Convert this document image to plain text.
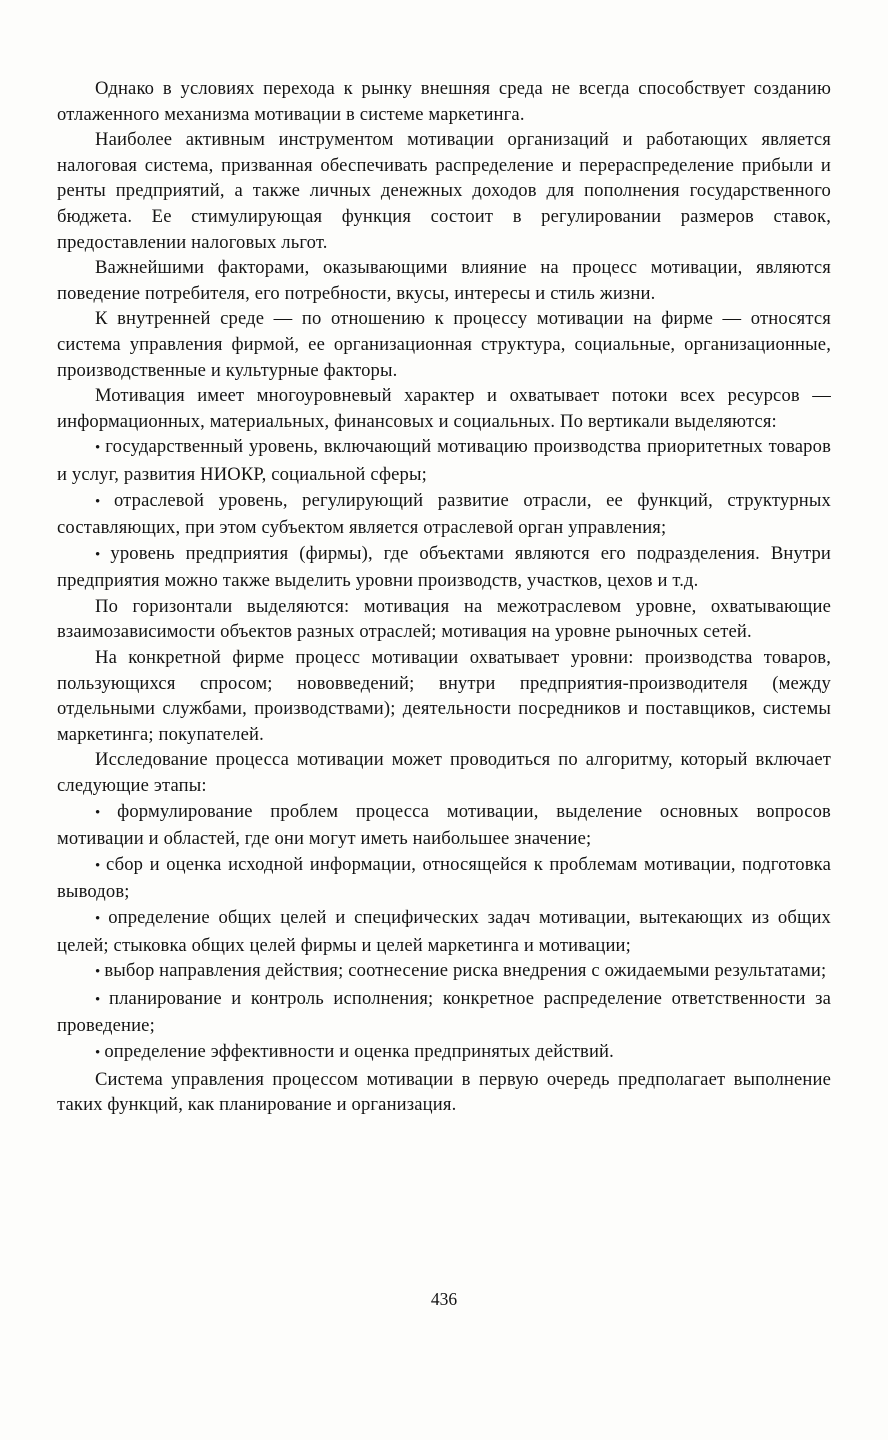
Однако в условиях перехода к рынку внешняя среда не всегда способствует созданию отлаженного механизма мотивации в системе маркетинга.

Наиболее активным инструментом мотивации организаций и работающих является налоговая система, призванная обеспечивать распределение и перераспределение прибыли и ренты предприятий, а также личных денежных доходов для пополнения государственного бюджета. Ее стимулирующая функция состоит в регулировании размеров ставок, предоставлении налоговых льгот.

Важнейшими факторами, оказывающими влияние на процесс мотивации, являются поведение потребителя, его потребности, вкусы, интересы и стиль жизни.

К внутренней среде — по отношению к процессу мотивации на фирме — относятся система управления фирмой, ее организационная структура, социальные, организационные, производственные и культурные факторы.

Мотивация имеет многоуровневый характер и охватывает потоки всех ресурсов — информационных, материальных, финансовых и социальных. По вертикали выделяются:

• государственный уровень, включающий мотивацию производства приоритетных товаров и услуг, развития НИОКР, социальной сферы;

• отраслевой уровень, регулирующий развитие отрасли, ее функций, структурных составляющих, при этом субъектом является отраслевой орган управления;

• уровень предприятия (фирмы), где объектами являются его подразделения. Внутри предприятия можно также выделить уровни производств, участков, цехов и т.д.

По горизонтали выделяются: мотивация на межотраслевом уровне, охватывающие взаимозависимости объектов разных отраслей; мотивация на уровне рыночных сетей.

На конкретной фирме процесс мотивации охватывает уровни: производства товаров, пользующихся спросом; нововведений; внутри предприятия-производителя (между отдельными службами, производствами); деятельности посредников и поставщиков, системы маркетинга; покупателей.

Исследование процесса мотивации может проводиться по алгоритму, который включает следующие этапы:

• формулирование проблем процесса мотивации, выделение основных вопросов мотивации и областей, где они могут иметь наибольшее значение;

• сбор и оценка исходной информации, относящейся к проблемам мотивации, подготовка выводов;

• определение общих целей и специфических задач мотивации, вытекающих из общих целей; стыковка общих целей фирмы и целей маркетинга и мотивации;

• выбор направления действия; соотнесение риска внедрения с ожидаемыми результатами;

• планирование и контроль исполнения; конкретное распределение ответственности за проведение;

• определение эффективности и оценка предпринятых действий.

Система управления процессом мотивации в первую очередь предполагает выполнение таких функций, как планирование и организация.

436
